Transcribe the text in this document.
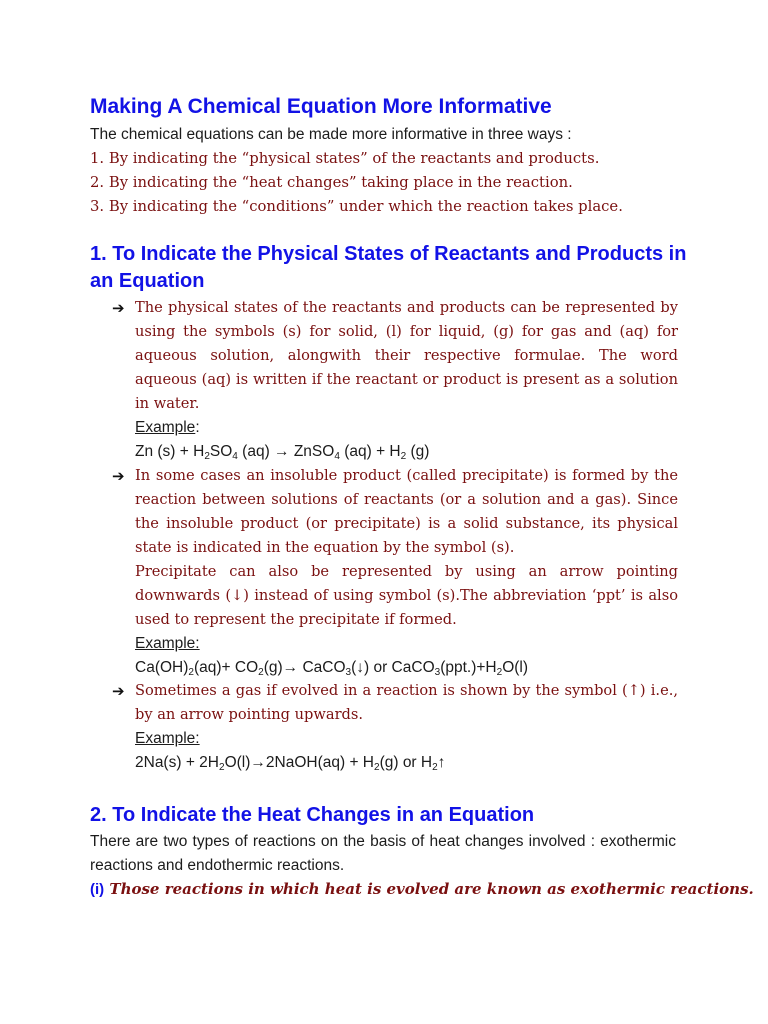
Making A Chemical Equation More Informative
The chemical equations can be made more informative in three ways :
1. By indicating the “physical states” of the reactants and products.
2. By indicating the “heat changes” taking place in the reaction.
3. By indicating the “conditions” under which the reaction takes place.
1. To Indicate the Physical States of Reactants and Products in an Equation
➔ The physical states of the reactants and products can be represented by using the symbols (s) for solid, (l) for liquid, (g) for gas and (aq) for aqueous solution, alongwith their respective formulae. The word aqueous (aq) is written if the reactant or product is present as a solution in water.

Example:

Zn $(s) + H_2SO_4$ (aq) → ZnSO$_4$ $(aq) + H_2$ (g)

➔ In some cases an insoluble product (called precipitate) is formed by the reaction between solutions of reactants (or a solution and a gas). Since the insoluble product (or precipitate) is a solid substance, its physical state is indicated in the equation by the symbol (s).

Precipitate can also be represented by using an arrow pointing downwards (↓) instead of using symbol (s).The abbreviation ‘ppt’ is also used to represent the precipitate if formed.

Example:

$Ca(OH)_2(aq)+ CO_2(g)\to$ CaCO$_3$(↓) or $CaCO_3(ppt.)+H_2O(l)$

➔ Sometimes a gas if evolved in a reaction is shown by the symbol (↑) i.e., by an arrow pointing upwards.

Example:

$2Na(s) + 2H_2O(l)\to 2NaOH(aq) + H_2(g)$ or $H_2↑$

2. To Indicate the Heat Changes in an Equation

There are two types of reactions on the basis of heat changes involved : exothermic reactions and endothermic reactions.

(i) Those reactions in which heat is evolved are known as exothermic reactions.
